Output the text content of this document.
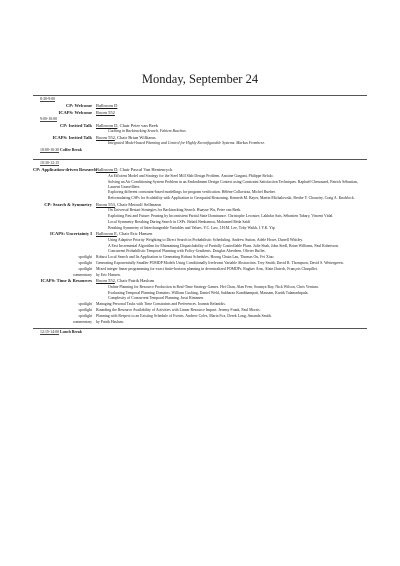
Monday, September 24
8:30-9:00
CP: Welcome Ballroom D
ICAPS: Welcome Room 552
9:00-10:00
CP: Invited Talk Ballroom D, Chair Peter van Beek
Caching in Backtracking Search. Fahiem Bacchus.
ICAPS: Invited Talk Room 552, Chair Brian Williams
Integrated Model-based Planning and Control for Highly Reconfigurable Systems. Markus Fromherz.
10:00-10:30 Coffee Break
10:30-12:15
CP: Application-driven Research Ballroom D, Chair Pascal Van Hentenryck
An Efficient Model and Strategy for the Steel Mill Slab Design Problem. Antoine Gargani, Philippe Refalo.
Solving an Air Conditioning System Problem in an Embodiment Design Context using Constraint Satisfaction Techniques. Raphaël Chenouard, Patrick Sébastian, Laurent Granvilliers.
Exploring different constraint-based modellings for program verification. Hélène Collavizza, Michel Rueher.
Reformulating CSPs for Scalability with Application to Geospatial Reasoning. Kenneth M. Bayer, Martin Michalowski, Berthe Y. Choueiry, Craig A. Knoblock.
CP: Search & Symmetry Room 553, Chair Meinolf Sellmann
On Universal Restart Strategies for Backtracking Search. Huayue Wu, Peter van Beek.
Exploiting Past and Future: Pruning by Inconsistent Partial State Dominance. Christophe Lecoutre, Lakhdar Sais, Sébastien Tabary, Vincent Vidal.
Local Symmetry Breaking During Search in CSPs. Belaïd Benhamou, Mohamed Réda Saïdi
Breaking Symmetry of Interchangeable Variables and Values. Y.C. Law, J.H.M. Lee, Toby Walsh, J.Y.K. Yip
ICAPS: Uncertainty I Ballroom E, Chair Eric Hansen
Using Adaptive Priority Weighting to Direct Search in Probabilistic Scheduling. Andrew Sutton, Adele Howe, Darrell Whitley.
A Fast Incremental Algorithm for Maintaining Dispatchability of Partially Controllable Plans. Julie Shah, John Stedl, Brian Williams, Paul Robertson.
Concurrent Probabilistic Temporal Planning with Policy-Gradients. Douglas Aberdeen, Olivier Buffet.
spotlight Robust Local Search and Its Application to Generating Robust Schedules. Hoong Chuin Lau, Thomas Ou, Fei Xiao.
spotlight Generating Exponentially Smaller POMDP Models Using Conditionally Irrelevant Variable Abstraction. Trey Smith, David R. Thompson, David S. Wettergreen.
spotlight Mixed integer linear programming for exact finite-horizon planning in decentralized POMDPs. Raghav Aras, Alain Dutech, François Charpillet.
commentary by Eric Hansen.
ICAPS: Time & Resources Room 552, Chair Patrik Haslum
Online Planning for Resource Production in Real-Time Strategy Games. Hei Chan, Alan Fern, Soumya Ray, Nick Wilson, Chris Ventura.
Evaluating Temporal Planning Domains. William Cushing, Daniel Weld, Subbarao Kambhampati, Mausam, Kartik Talamadupula.
Complexity of Concurrent Temporal Planning. Jussi Rintanen.
spotlight Managing Personal Tasks with Time Constraints and Preferences. Ioannis Refanidis.
spotlight Bounding the Resource Availability of Activities with Linear Resource Impact. Jeremy Frank, Paul Morris.
spotlight Planning with Respect to an Existing Schedule of Events. Andrew Coles, Maria Fox, Derek Long, Amanda Smith.
commentary by Patrik Haslum.
12:15-14:00 Lunch Break
